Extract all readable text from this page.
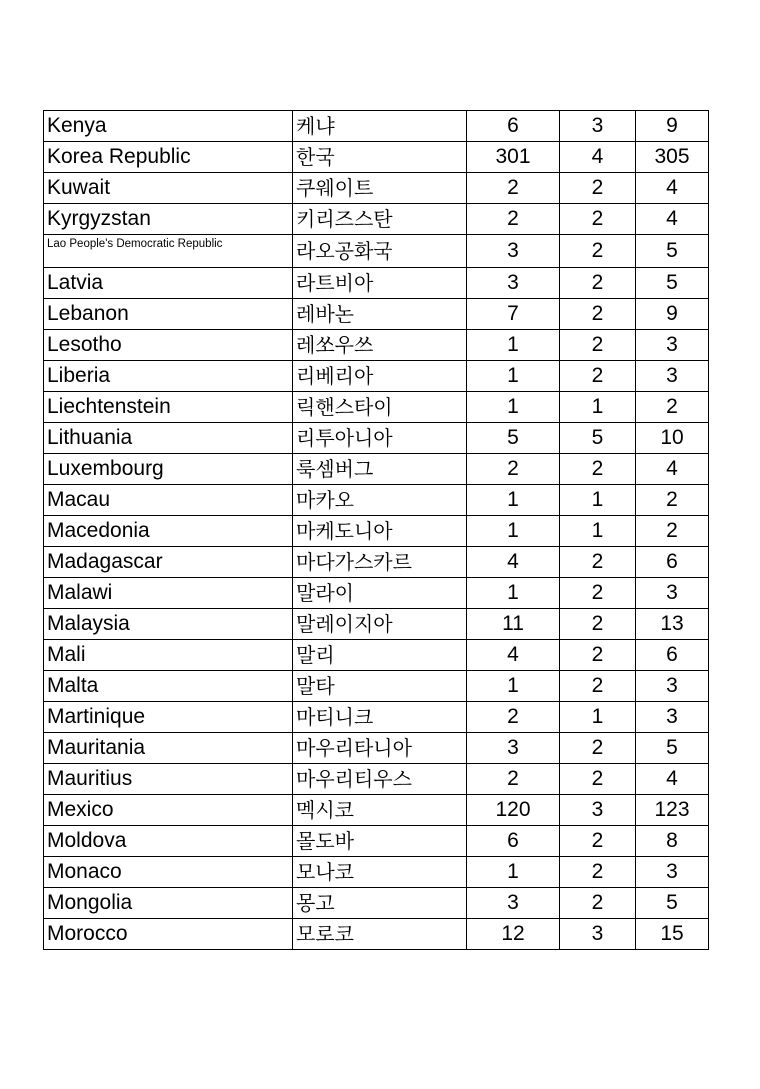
Kenya	케냐	6	3	9
Korea Republic	한국	301	4	305
Kuwait	쿠웨이트	2	2	4
Kyrgyzstan	키리즈스탄	2	2	4
Lao People's Democratic Republic	라오공화국	3	2	5
Latvia	라트비아	3	2	5
Lebanon	레바논	7	2	9
Lesotho	레쏘우쓰	1	2	3
Liberia	리베리아	1	2	3
Liechtenstein	릭핸스타이	1	1	2
Lithuania	리투아니아	5	5	10
Luxembourg	룩셈버그	2	2	4
Macau	마카오	1	1	2
Macedonia	마케도니아	1	1	2
Madagascar	마다가스카르	4	2	6
Malawi	말라이	1	2	3
Malaysia	말레이지아	11	2	13
Mali	말리	4	2	6
Malta	말타	1	2	3
Martinique	마티니크	2	1	3
Mauritania	마우리타니아	3	2	5
Mauritius	마우리티우스	2	2	4
Mexico	멕시코	120	3	123
Moldova	몰도바	6	2	8
Monaco	모나코	1	2	3
Mongolia	몽고	3	2	5
Morocco	모로코	12	3	15
